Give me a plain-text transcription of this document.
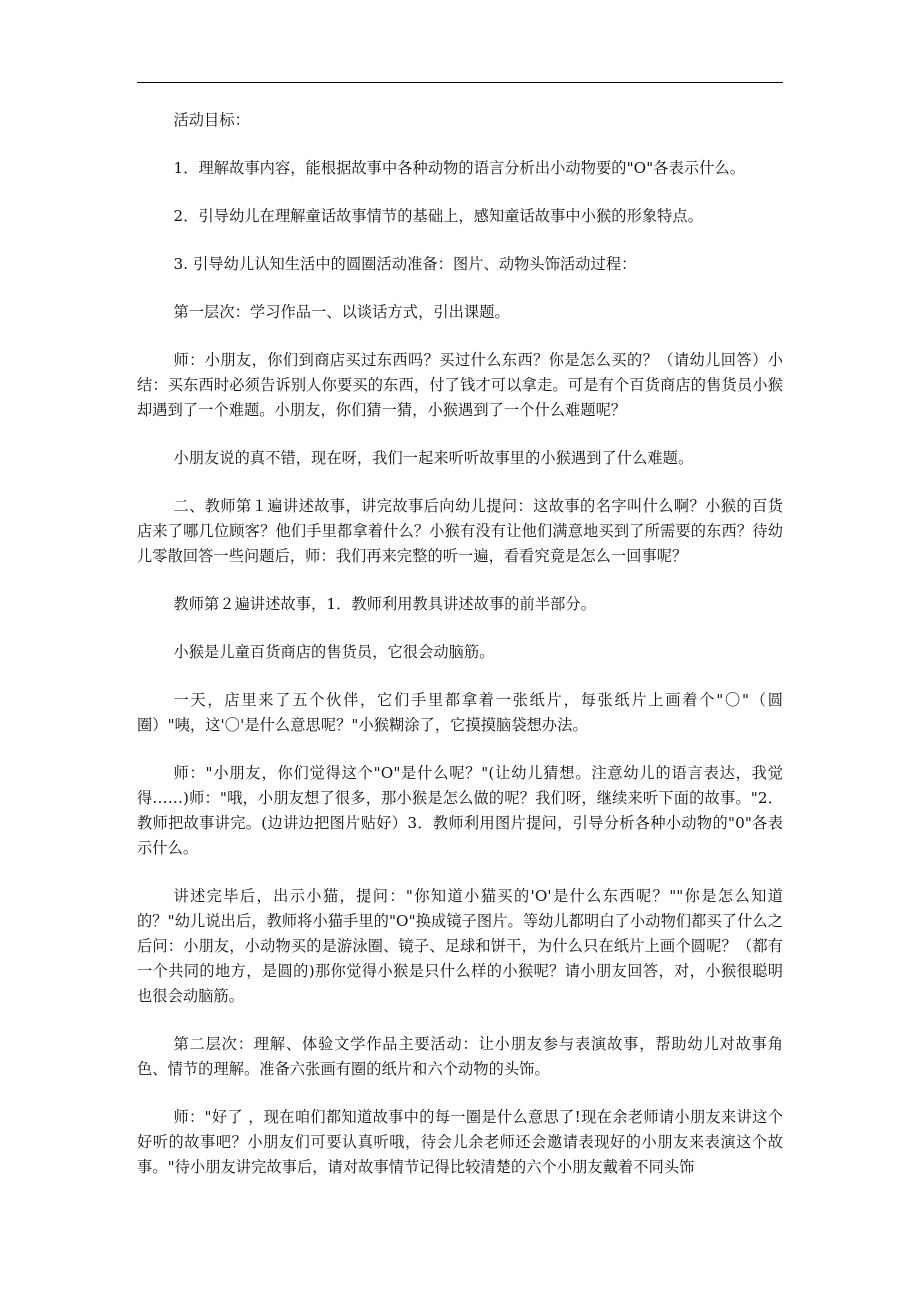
活动目标：

1．理解故事内容，能根据故事中各种动物的语言分析出小动物要的"O"各表示什么。

2．引导幼儿在理解童话故事情节的基础上，感知童话故事中小猴的形象特点。

3. 引导幼儿认知生活中的圆圈活动准备：图片、动物头饰活动过程：

第一层次：学习作品一、以谈话方式，引出课题。

师：小朋友，你们到商店买过东西吗？买过什么东西？你是怎么买的？（请幼儿回答）小结：买东西时必须告诉别人你要买的东西，付了钱才可以拿走。可是有个百货商店的售货员小猴却遇到了一个难题。小朋友，你们猜一猜，小猴遇到了一个什么难题呢？

小朋友说的真不错，现在呀，我们一起来听听故事里的小猴遇到了什么难题。

二、教师第１遍讲述故事，讲完故事后向幼儿提问：这故事的名字叫什么啊？小猴的百货店来了哪几位顾客？他们手里都拿着什么？小猴有没有让他们满意地买到了所需要的东西？待幼儿零散回答一些问题后，师：我们再来完整的听一遍，看看究竟是怎么一回事呢？

教师第２遍讲述故事，1．教师利用教具讲述故事的前半部分。

小猴是儿童百货商店的售货员，它很会动脑筋。

一天，店里来了五个伙伴，它们手里都拿着一张纸片，每张纸片上画着个"〇"（圆圈）"咦，这'〇'是什么意思呢？"小猴糊涂了，它摸摸脑袋想办法。

师："小朋友，你们觉得这个"O"是什么呢？"(让幼儿猜想。注意幼儿的语言表达，我觉得……)师："哦，小朋友想了很多，那小猴是怎么做的呢？我们呀，继续来听下面的故事。"2．教师把故事讲完。(边讲边把图片贴好）3．教师利用图片提问，引导分析各种小动物的"0"各表示什么。

讲述完毕后，出示小猫，提问："你知道小猫买的'O'是什么东西呢？""你是怎么知道的？"幼儿说出后，教师将小猫手里的"O"换成镜子图片。等幼儿都明白了小动物们都买了什么之后问：小朋友，小动物买的是游泳圈、镜子、足球和饼干，为什么只在纸片上画个圆呢？（都有一个共同的地方，是圆的)那你觉得小猴是只什么样的小猴呢？请小朋友回答，对，小猴很聪明也很会动脑筋。

第二层次：理解、体验文学作品主要活动：让小朋友参与表演故事，帮助幼儿对故事角色、情节的理解。准备六张画有圈的纸片和六个动物的头饰。

师："好了 ，现在咱们都知道故事中的每一圈是什么意思了!现在余老师请小朋友来讲这个好听的故事吧？小朋友们可要认真听哦，待会儿余老师还会邀请表现好的小朋友来表演这个故事。"待小朋友讲完故事后，请对故事情节记得比较清楚的六个小朋友戴着不同头饰
